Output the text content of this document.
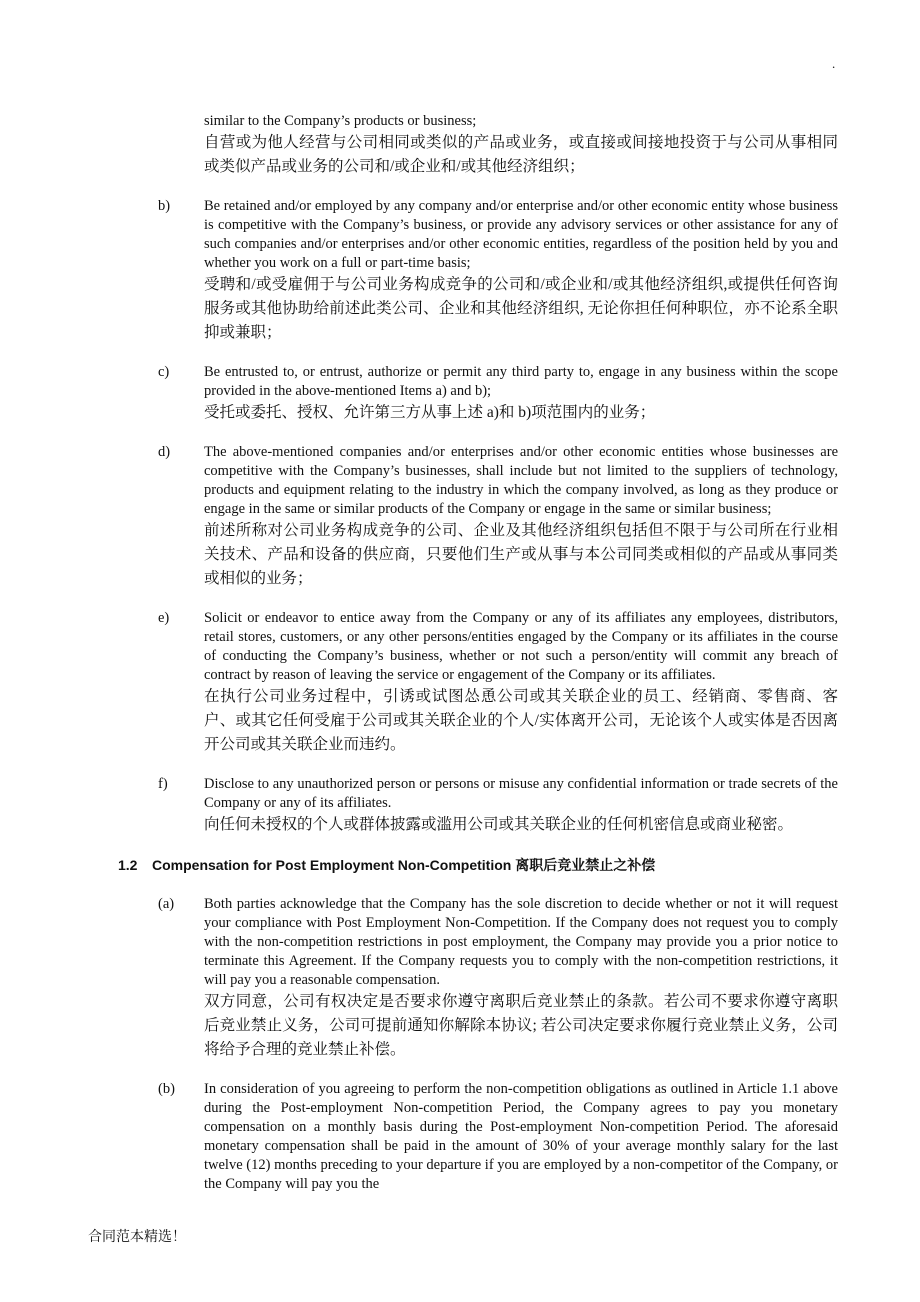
.

similar to the Company’s products or business;

自营或为他人经营与公司相同或类似的产品或业务，或直接或间接地投资于与公司从事相同或类似产品或业务的公司和/或企业和/或其他经济组织；

b) Be retained and/or employed by any company and/or enterprise and/or other economic entity whose business is competitive with the Company’s business, or provide any advisory services or other assistance for any of such companies and/or enterprises and/or other economic entities, regardless of the position held by you and whether you work on a full or part-time basis;

受聘和/或受雇佣于与公司业务构成竞争的公司和/或企业和/或其他经济组织,或提供任何咨询服务或其他协助给前述此类公司、企业和其他经济组织, 无论你担任何种职位，亦不论系全职抑或兼职；

c) Be entrusted to, or entrust, authorize or permit any third party to, engage in any business within the scope provided in the above-mentioned Items a) and b);

受托或委托、授权、允许第三方从事上述 a)和 b)项范围内的业务；

d) The above-mentioned companies and/or enterprises and/or other economic entities whose businesses are competitive with the Company’s businesses, shall include but not limited to the suppliers of technology, products and equipment relating to the industry in which the company involved, as long as they produce or engage in the same or similar products of the Company or engage in the same or similar business;

前述所称对公司业务构成竞争的公司、企业及其他经济组织包括但不限于与公司所在行业相关技术、产品和设备的供应商，只要他们生产或从事与本公司同类或相似的产品或从事同类或相似的业务；

e) Solicit or endeavor to entice away from the Company or any of its affiliates any employees, distributors, retail stores, customers, or any other persons/entities engaged by the Company or its affiliates in the course of conducting the Company’s business, whether or not such a person/entity will commit any breach of contract by reason of leaving the service or engagement of the Company or its affiliates.

在执行公司业务过程中，引诱或试图怂恿公司或其关联企业的员工、经销商、零售商、客户、或其它任何受雇于公司或其关联企业的个人/实体离开公司，无论该个人或实体是否因离开公司或其关联企业而违约。

f)	Disclose to any unauthorized person or persons or misuse any confidential information or trade secrets of the Company or any of its affiliates.

向任何未授权的个人或群体披露或滥用公司或其关联企业的任何机密信息或商业秘密。

1.2 Compensation for Post Employment Non-Competition 离职后竞业禁止之补偿
(a) Both parties acknowledge that the Company has the sole discretion to decide whether or not it will request your compliance with Post Employment Non-Competition. If the Company does not request you to comply with the non-competition restrictions in post employment, the Company may provide you a prior notice to terminate this Agreement. If the Company requests you to comply with the non-competition restrictions, it will pay you a reasonable compensation.

双方同意，公司有权决定是否要求你遵守离职后竞业禁止的条款。若公司不要求你遵守离职后竞业禁止义务，公司可提前通知你解除本协议; 若公司决定要求你履行竞业禁止义务，公司将给予合理的竞业禁止补偿。

(b) In consideration of you agreeing to perform the non-competition obligations as outlined in Article 1.1 above during the Post-employment Non-competition Period, the Company agrees to pay you monetary compensation on a monthly basis during the Post-employment Non-competition Period. The aforesaid monetary compensation shall be paid in the amount of 30% of your average monthly salary for the last twelve (12) months preceding to your departure if you are employed by a non-competitor of the Company, or the Company will pay you the

合同范本精选！
